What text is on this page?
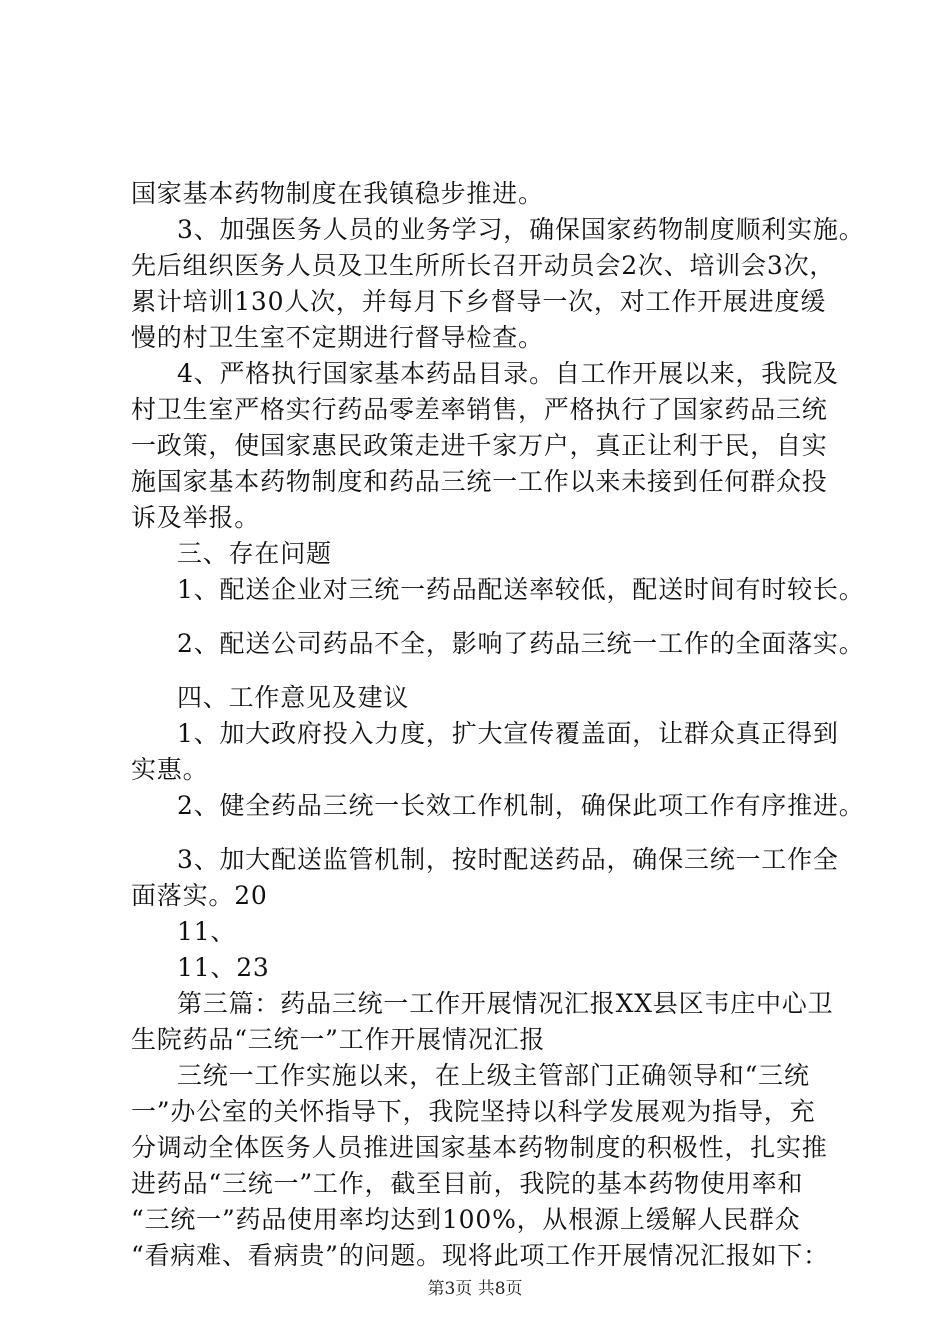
国家基本药物制度在我镇稳步推进。
3、加强医务人员的业务学习，确保国家药物制度顺利实施。
先后组织医务人员及卫生所所长召开动员会2次、培训会3次，
累计培训130人次，并每月下乡督导一次，对工作开展进度缓
慢的村卫生室不定期进行督导检查。
4、严格执行国家基本药品目录。自工作开展以来，我院及
村卫生室严格实行药品零差率销售，严格执行了国家药品三统
一政策，使国家惠民政策走进千家万户，真正让利于民，自实
施国家基本药物制度和药品三统一工作以来未接到任何群众投
诉及举报。
三、存在问题
1、配送企业对三统一药品配送率较低，配送时间有时较长。
2、配送公司药品不全，影响了药品三统一工作的全面落实。
四、工作意见及建议
1、加大政府投入力度，扩大宣传覆盖面，让群众真正得到
实惠。
2、健全药品三统一长效工作机制，确保此项工作有序推进。
3、加大配送监管机制，按时配送药品，确保三统一工作全
面落实。20
11、
11、23
第三篇：药品三统一工作开展情况汇报XX县区韦庄中心卫
生院药品“三统一”工作开展情况汇报
三统一工作实施以来，在上级主管部门正确领导和“三统
一”办公室的关怀指导下，我院坚持以科学发展观为指导，充
分调动全体医务人员推进国家基本药物制度的积极性，扎实推
进药品“三统一”工作，截至目前，我院的基本药物使用率和
“三统一”药品使用率均达到100%，从根源上缓解人民群众
“看病难、看病贵”的问题。现将此项工作开展情况汇报如下：
第3页 共8页
